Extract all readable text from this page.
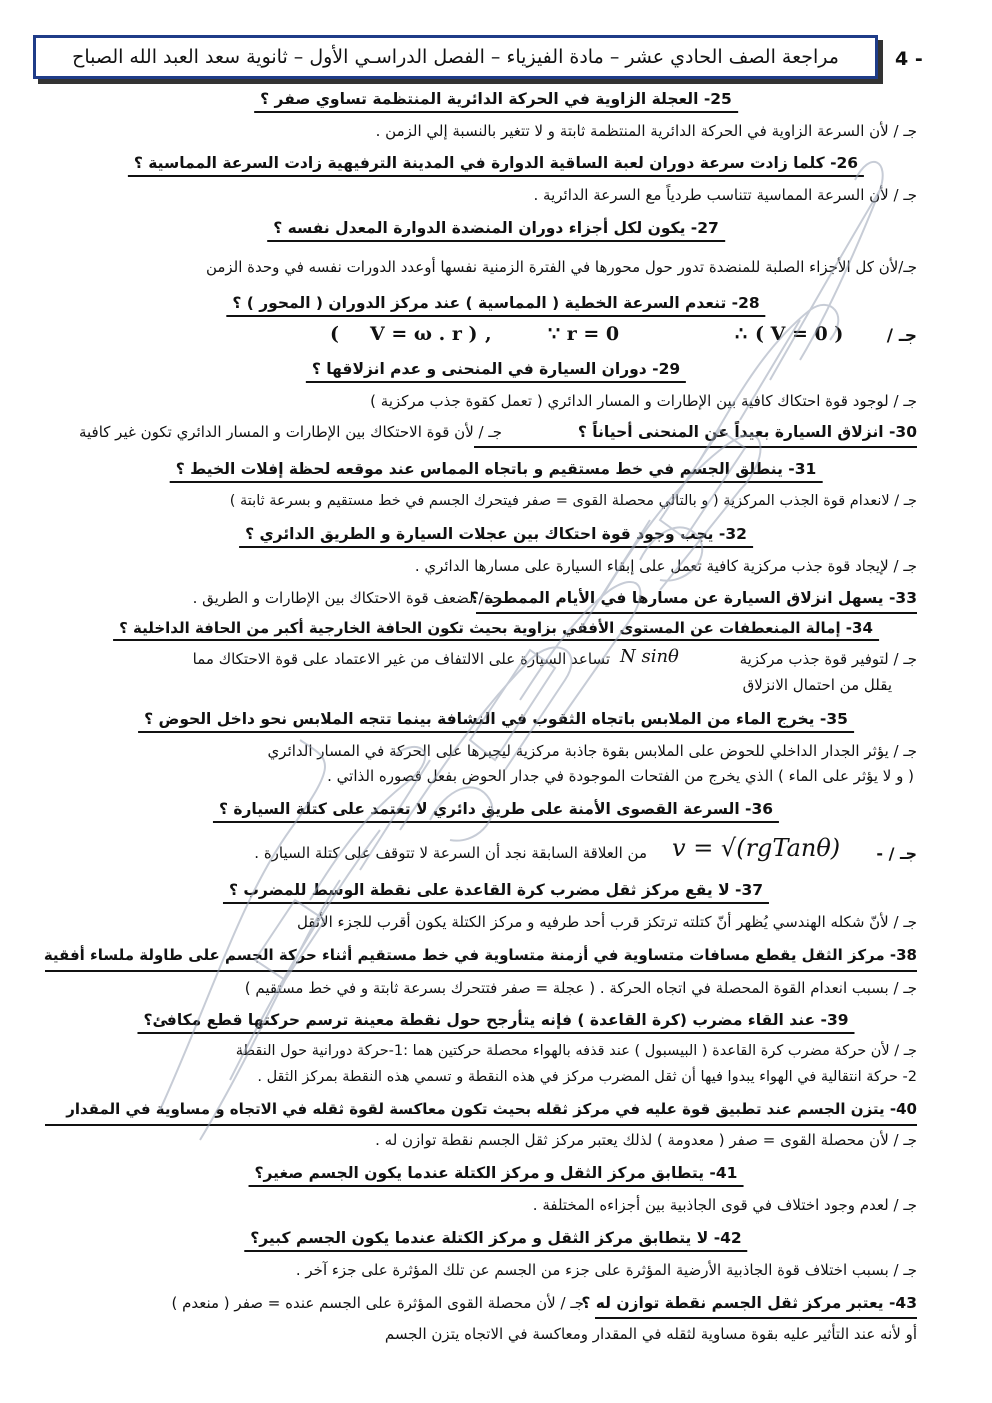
مراجعة الصف الحادي عشر – مادة الفيزياء – الفصل الدراسـي الأول – ثانوية سعد العبد الله الصباح	4 -
25- العجلة الزاوية في الحركة الدائرية المنتظمة تساوي صفر ؟
جـ / لأن السرعة الزاوية في الحركة الدائرية المنتظمة ثابتة و لا تتغير بالنسبة إلي الزمن .
26- كلما زادت سرعة دوران لعبة الساقية الدوارة في المدينة الترفيهية زادت السرعة المماسية ؟
جـ / لأن السرعة المماسية تتناسب طردياً مع السرعة الدائرية .
27- يكون لكل أجزاء دوران المنضدة الدوارة المعدل نفسه ؟
جـ/لأن كل الأجزاء الصلبة للمنضدة تدور حول محورها في الفترة الزمنية نفسها أوعدد الدورات نفسه في وحدة الزمن
28- تنعدم السرعة الخطية ( المماسية ) عند مركز الدوران ( المحور ) ؟
جـ /
( V = 0 )
∴
∵ r = 0
,
V = ω . r )
(
29- دوران السيارة في المنحنى و عدم انزلاقها ؟
جـ / لوجود قوة احتكاك كافية بين الإطارات و المسار الدائري ( تعمل كقوة جذب مركزية )
30- انزلاق السيارة بعيداً عن المنحنى أحياناً ؟
جـ / لأن قوة الاحتكاك بين الإطارات و المسار الدائري تكون غير كافية
31- ينطلق الجسم في خط مستقيم و باتجاه المماس عند موقعه لحظة إفلات الخيط ؟
جـ / لانعدام قوة الجذب المركزية ( و بالتالي محصلة القوى = صفر فيتحرك الجسم في خط مستقيم و بسرعة ثابتة )
32- يجب وجود قوة احتكاك بين عجلات السيارة و الطريق الدائري ؟
جـ / لإيجاد قوة جذب مركزية كافية تعمل على إبقاء السيارة على مسارها الدائري .
33- يسهل انزلاق السيارة عن مسارها في الأيام الممطرة ؟
جـ / لضعف قوة الاحتكاك بين الإطارات و الطريق .
34- إمالة المنعطفات عن المستوى الأفقي بزاوية بحيث تكون الحافة الخارجية أكبر من الحافة الداخلية ؟
جـ / لتوفير قوة جذب مركزية
N sinθ
تساعد السيارة على الالتفاف من غير الاعتماد على قوة الاحتكاك مما
يقلل من احتمال الانزلاق
35- يخرج الماء من الملابس باتجاه الثقوب في النشافة بينما تتجه الملابس نحو داخل الحوض ؟
جـ / يؤثر الجدار الداخلي للحوض على الملابس بقوة جاذبة مركزية ليجبرها على الحركة في المسار الدائري
( و لا يؤثر على الماء ) الذي يخرج من الفتحات الموجودة في جدار الحوض بفعل قصوره الذاتي .
36- السرعة القصوى الأمنة على طريق دائري لا تعتمد على كتلة السيارة ؟
جـ / -
v = √(rgTanθ)
من العلاقة السابقة نجد أن السرعة لا تتوقف على كتلة السيارة .
37- لا يقع مركز ثقل مضرب كرة القاعدة على نقطة الوسط للمضرب ؟
جـ / لأنّ شكله الهندسي يُظهر أنّ كتلته ترتكز قرب أحد طرفيه و مركز الكتلة يكون أقرب للجزء الأثقل
38- مركز الثقل يقطع مسافات متساوية في أزمنة متساوية في خط مستقيم أثناء حركة الجسم على طاولة ملساء أفقية
جـ / بسبب انعدام القوة المحصلة في اتجاه الحركة . ( عجلة = صفر فتتحرك بسرعة ثابتة و في خط مستقيم )
39- عند القاء مضرب (كرة القاعدة ) فإنه يتأرجح حول نقطة معينة ترسم حركتها قطع مكافئ؟
جـ / لأن حركة مضرب كرة القاعدة ( البيسبول ) عند قذفه بالهواء محصلة حركتين هما :1-حركة دورانية حول النقطة
2- حركة انتقالية في الهواء يبدوا فيها أن ثقل المضرب مركز في هذه النقطة و تسمي هذه النقطة بمركز الثقل .
40- يتزن الجسم عند تطبيق قوة عليه في مركز ثقله بحيث تكون معاكسة لقوة ثقله في الاتجاه و مساوية في المقدار
جـ / لأن محصلة القوى = صفر ( معدومة ) لذلك يعتبر مركز ثقل الجسم نقطة توازن له .
41- يتطابق مركز الثقل و مركز الكتلة عندما يكون الجسم صغير؟
جـ / لعدم وجود اختلاف في قوى الجاذبية بين أجزاءه المختلفة .
42- لا يتطابق مركز الثقل و مركز الكتلة عندما يكون الجسم كبير؟
جـ / بسبب اختلاف قوة الجاذبية الأرضية المؤثرة على جزء من الجسم عن تلك المؤثرة على جزء آخر .
43- يعتبر مركز ثقل الجسم نقطة توازن له ؟
جـ / لأن محصلة القوى المؤثرة على الجسم عنده = صفر ( منعدم )
أو لأنه عند التأثير عليه بقوة مساوية لثقله في المقدار ومعاكسة في الاتجاه يتزن الجسم
